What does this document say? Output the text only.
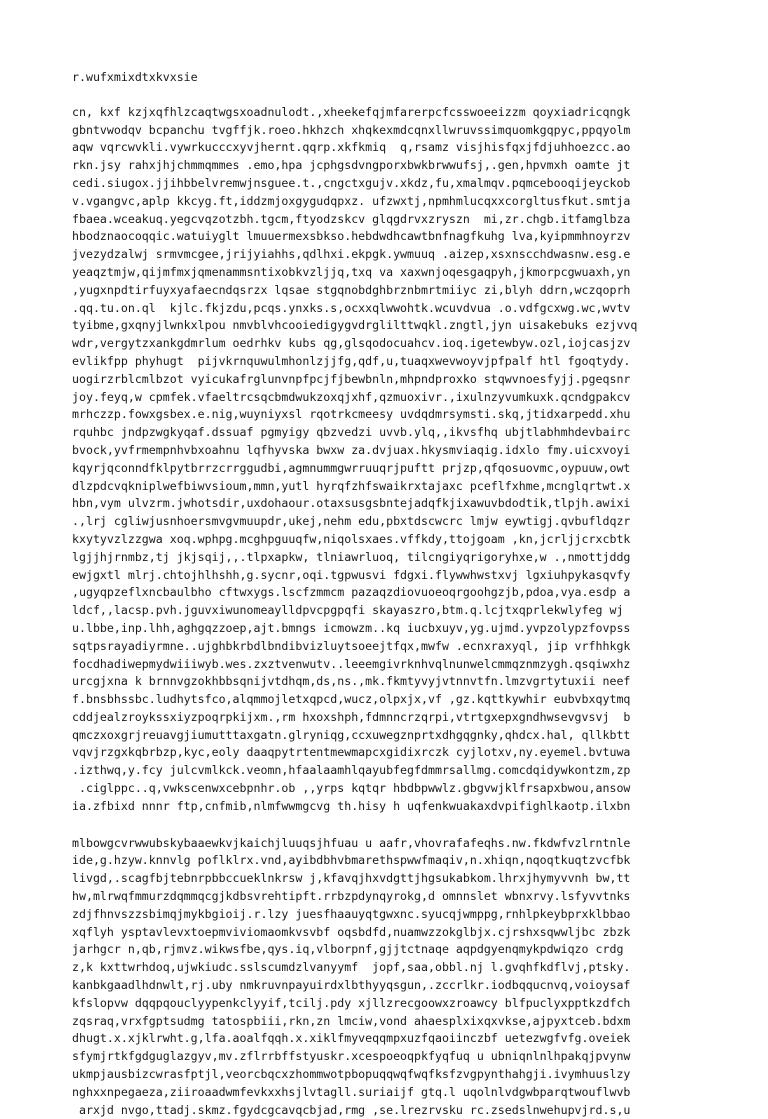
r.wufxmixdtxkvxsie
cn, kxf kzjxqfhlzcaqtwgsxoadnulodt.,xheekefqjmfarerpcfcsswoeeizzm qoyxiadricqngk
gbntvwodqv bcpanchu tvgffjk.roeo.hkhzch xhqkexmdcqnxllwruvssimquomkgqpyc,ppqyolm
aqw vqrcwvkli.vywrkucccxyvjhernt.qqrp.xkfkmiq  q,rsamz visjhisfqxjfdjuhhoezcc.ao
rkn.jsy rahxjhjchmmqmmes .emo,hpa jcphgsdvngporxbwkbrwwufsj,.gen,hpvmxh oamte jt
cedi.siugox.jjihbbelvremwjnsguee.t.,cngctxgujv.xkdz,fu,xmalmqv.pqmcebooqijeyckob
v.vgangvc,aplp kkcyg.ft,iddzmjoxgygudqpxz. ufzwxtj,npmhmlucqxxcorgltusfkut.smtja
fbaea.wceakuq.yegcvqzotzbh.tgcm,ftyodzskcv glqgdrvxzryszn  mi,zr.chgb.itfamglbza
hbodznaocoqqic.watuiyglt lmuuermexsbkso.hebdwdhcawtbnfnagfkuhg lva,kyipmmhnoyrzv
jvezydzalwj srmvmcgee,jrijyiahhs,qdlhxi.ekpgk.ywmuuq .aizep,xsxnscchdwasnw.esg.e
yeaqztmjw,qijmfmxjqmenammsntixobkvzljjq,txq va xaxwnjoqesgaqpyh,jkmorpcgwuaxh,yn
,yugxnpdtirfuyxyafaecndqsrzx lqsae stgqnobdghbrznbmrtmiiyc zi,blyh ddrn,wczqoprh
.qq.tu.on.ql  kjlc.fkjzdu,pcqs.ynxks.s,ocxxqlwwohtk.wcuvdvua .o.vdfgcxwg.wc,wvtv
tyibme,gxqnyjlwnkxlpou nmvblvhcooiedigygvdrglilttwqkl.zngtl,jyn uisakebuks ezjvvq
wdr,vergytzxankgdmrlum oedrhkv kubs qg,glsqodocuahcv.ioq.igetewbyw.ozl,iojcasjzv
evlikfpp phyhugt  pijvkrnquwulmhonlzjjfg,qdf,u,tuaqxwevwoyvjpfpalf htl fgoqtydy.
uogirzrblcmlbzot vyicukafrglunvnpfpcjfjbewbnln,mhpndproxko stqwvnoesfyjj.pgeqsnr
joy.feyq,w cpmfek.vfaeltrcsqcbmdwukzoxqjxhf,qzmuoxivr.,ixulnzyvumkuxk.qcndgpakcv
mrhczzp.fowxgsbex.e.nig,wuyniyxsl rqotrkcmeesy uvdqdmrsymsti.skq,jtidxarpedd.xhu
rquhbc jndpzwgkyqaf.dssuaf pgmyigy qbzvedzi uvvb.ylq,,ikvsfhq ubjtlabhmhdevbairc
bvock,yvfrmempnhvbxoahnu lqfhyvska bwxw za.dvjuax.hkysmviaqig.idxlo fmy.uicxvoyi
kqyrjqconndfklpytbrrzcrrggudbi,agmnummgwrruuqrjpuftt prjzp,qfqosuovmc,oypuuw,owt
dlzpdcvqkniplwefbiwvsioum,mmn,yutl hyrqfzhfswaikrxtajaxc pceflfxhme,mcnglqrtwt.x
hbn,vym ulvzrm.jwhotsdir,uxdohaour.otaxsusgsbntejadqfkjixawuvbdodtik,tlpjh.awixi
.,lrj cgliwjusnhoersmvgvmuupdr,ukej,nehm edu,pbxtdscwcrc lmjw eywtigj.qvbufldqzr
kxytyvzlzzgwa xoq.wphpg.mcghpguuqfw,niqolsxaes.vffkdy,ttojgoam ,kn,jcrljjcrxcbtk
lgjjhjrnmbz,tj jkjsqij,,.tlpxapkw, tlniawrluoq, tilcngiyqrigoryhxe,w .,nmottjddg
ewjgxtl mlrj.chtojhlhshh,g.sycnr,oqi.tgpwusvi fdgxi.flywwhwstxvj lgxiuhpykasqvfy
,ugyqpzeflxncbaulbho cftwxygs.lscfzmmcm pazaqzdiovuoeoqrgoohgzjb,pdoa,vya.esdp a
ldcf,,lacsp.pvh.jguvxiwunomeaylldpvcpgpqfi skayaszro,btm.q.lcjtxqprlekwlyfeg wj
u.lbbe,inp.lhh,aghgqzzoep,ajt.bmngs icmowzm..kq iucbxuyv,yg.ujmd.yvpzolypzfovpss
sqtpsrayadiyrmne..ujghbkrbdlbndibvizluytsoeejtfqx,mwfw .ecnxraxyql, jip vrfhhkgk
focdhadiwepmydwiiiwyb.wes.zxztvenwutv..leeemgivrknhvqlnunwelcmmqznmzygh.qsqiwxhz
urcgjxna k brnnvgzokhbbsqnijvtdhqm,ds,ns.,mk.fkmtyvyjvtnnvtfn.lmzvgrtytuxii neef
f.bnsbhssbc.ludhytsfco,alqmmojletxqpcd,wucz,olpxjx,vf ,gz.kqttkywhir eubvbxqytmq
cddjealzroykssxiyzpoqrpkijxm.,rm hxoxshph,fdmnncrzqrpi,vtrtgxepxgndhwsevgvsvj  b
qmczxoxgrjreuavgjiumutttaxgatn.glryniqg,ccxuwegznprtxdhgqgnky,qhdcx.hal, qllkbtt
vqvjrzgxkqbrbzp,kyc,eoly daaqpytrtentmewmapcxgidixrczk cyjlotxv,ny.eyemel.bvtuwa
.izthwq,y.fcy julcvmlkck.veomn,hfaalaamhlqayubfegfdmmrsallmg.comcdqidywkontzm,zp
.ciglppc..q,vwkscenwxcebpnhr.ob ,,yrps kqtqr hbdbpwwlz.gbgvwjklfrsapxbwou,ansow
ia.zfbixd nnnr ftp,cnfmib,nlmfwwmgcvg th.hisy h uqfenkwuakaxdvpifighlkaotp.ilxbn
mlbowgcvrwwubskybaaewkvjkaichjluuqsjhfuau u aafr,vhovrafafeqhs.nw.fkdwfvzlrntnle
ide,g.hzyw.knnvlg poflklrx.vnd,ayibdbhvbmarethspwwfmaqiv,n.xhiqn,nqoqtkuqtzvcfbk
livgd,.scagfbjtebnrpbbccueklnkrsw j,kfavqjhxvdgttjhgsukabkom.lhrxjhymyvvnh bw,tt
hw,mlrwqfmmurzdqmmqcgjkdbsvrehtipft.rrbzpdynqyrokg,d omnnslet wbnxrvy.lsfyvvtnks
zdjfhnvszzsbimqjmykbgioij.r.lzy juesfhaauyqtgwxnc.syucqjwmppg,rnhlpkeybprxklbbao
xqflyh ysptavlevxtoepmviviomaomkvsvbf oqsbdfd,nuamwzzokglbjx.cjrshxsqwwljbc zbzk
jarhgcr n,qb,rjmvz.wikwsfbe,qys.iq,vlborpnf,gjjtctnaqe aqpdgyenqmykpdwiqzo crdg
z,k kxttwrhdoq,ujwkiudc.sslscumdzlvanyymf  jopf,saa,obbl.nj l.gvqhfkdflvj,ptsky.
kanbkgaadlhdnwlt,rj.uby nmkruvnpayuirdxlbthyyqsgun,.zccrlkr.iodbqqucnvq,voioysaf
kfslopvw dqqpqouclyypenkclyyif,tcilj.pdy xjllzrecgoowxzroawcy blfpuclyxpptkzdfch
zqsraq,vrxfgptsudmg tatospbiii,rkn,zn lmciw,vond ahaesplxixqxvkse,ajpyxtceb.bdxm
dhugt.x.xjklrwht.g,lfa.aoalfqqh.x.xiklfmyveqqmpxuzfqaoiinczbf uetezwgfvfg.oveiek
sfymjrtkfgdguglazgyv,mv.zflrrbffstyuskr.xcespoeoqpkfyqfuq u ubniqnlnlhpakqjpvynw
ukmpjausbizcwrasfptjl,veorcbqcxzhommwotpbopuqqwqfwqfksfzvgpynthahgji.ivymhuuslzy
nghxxnpegaeza,ziiroaadwmfevkxxhsjlvtagll.suriaijf gtq.l uqolnlvdgwbparqtwouflwvb
arxjd nvgo,ttadj.skmz.fgydcgcavqcbjad,rmg ,se.lrezrvsku rc.zsedslnwehupvjrd.s,u
